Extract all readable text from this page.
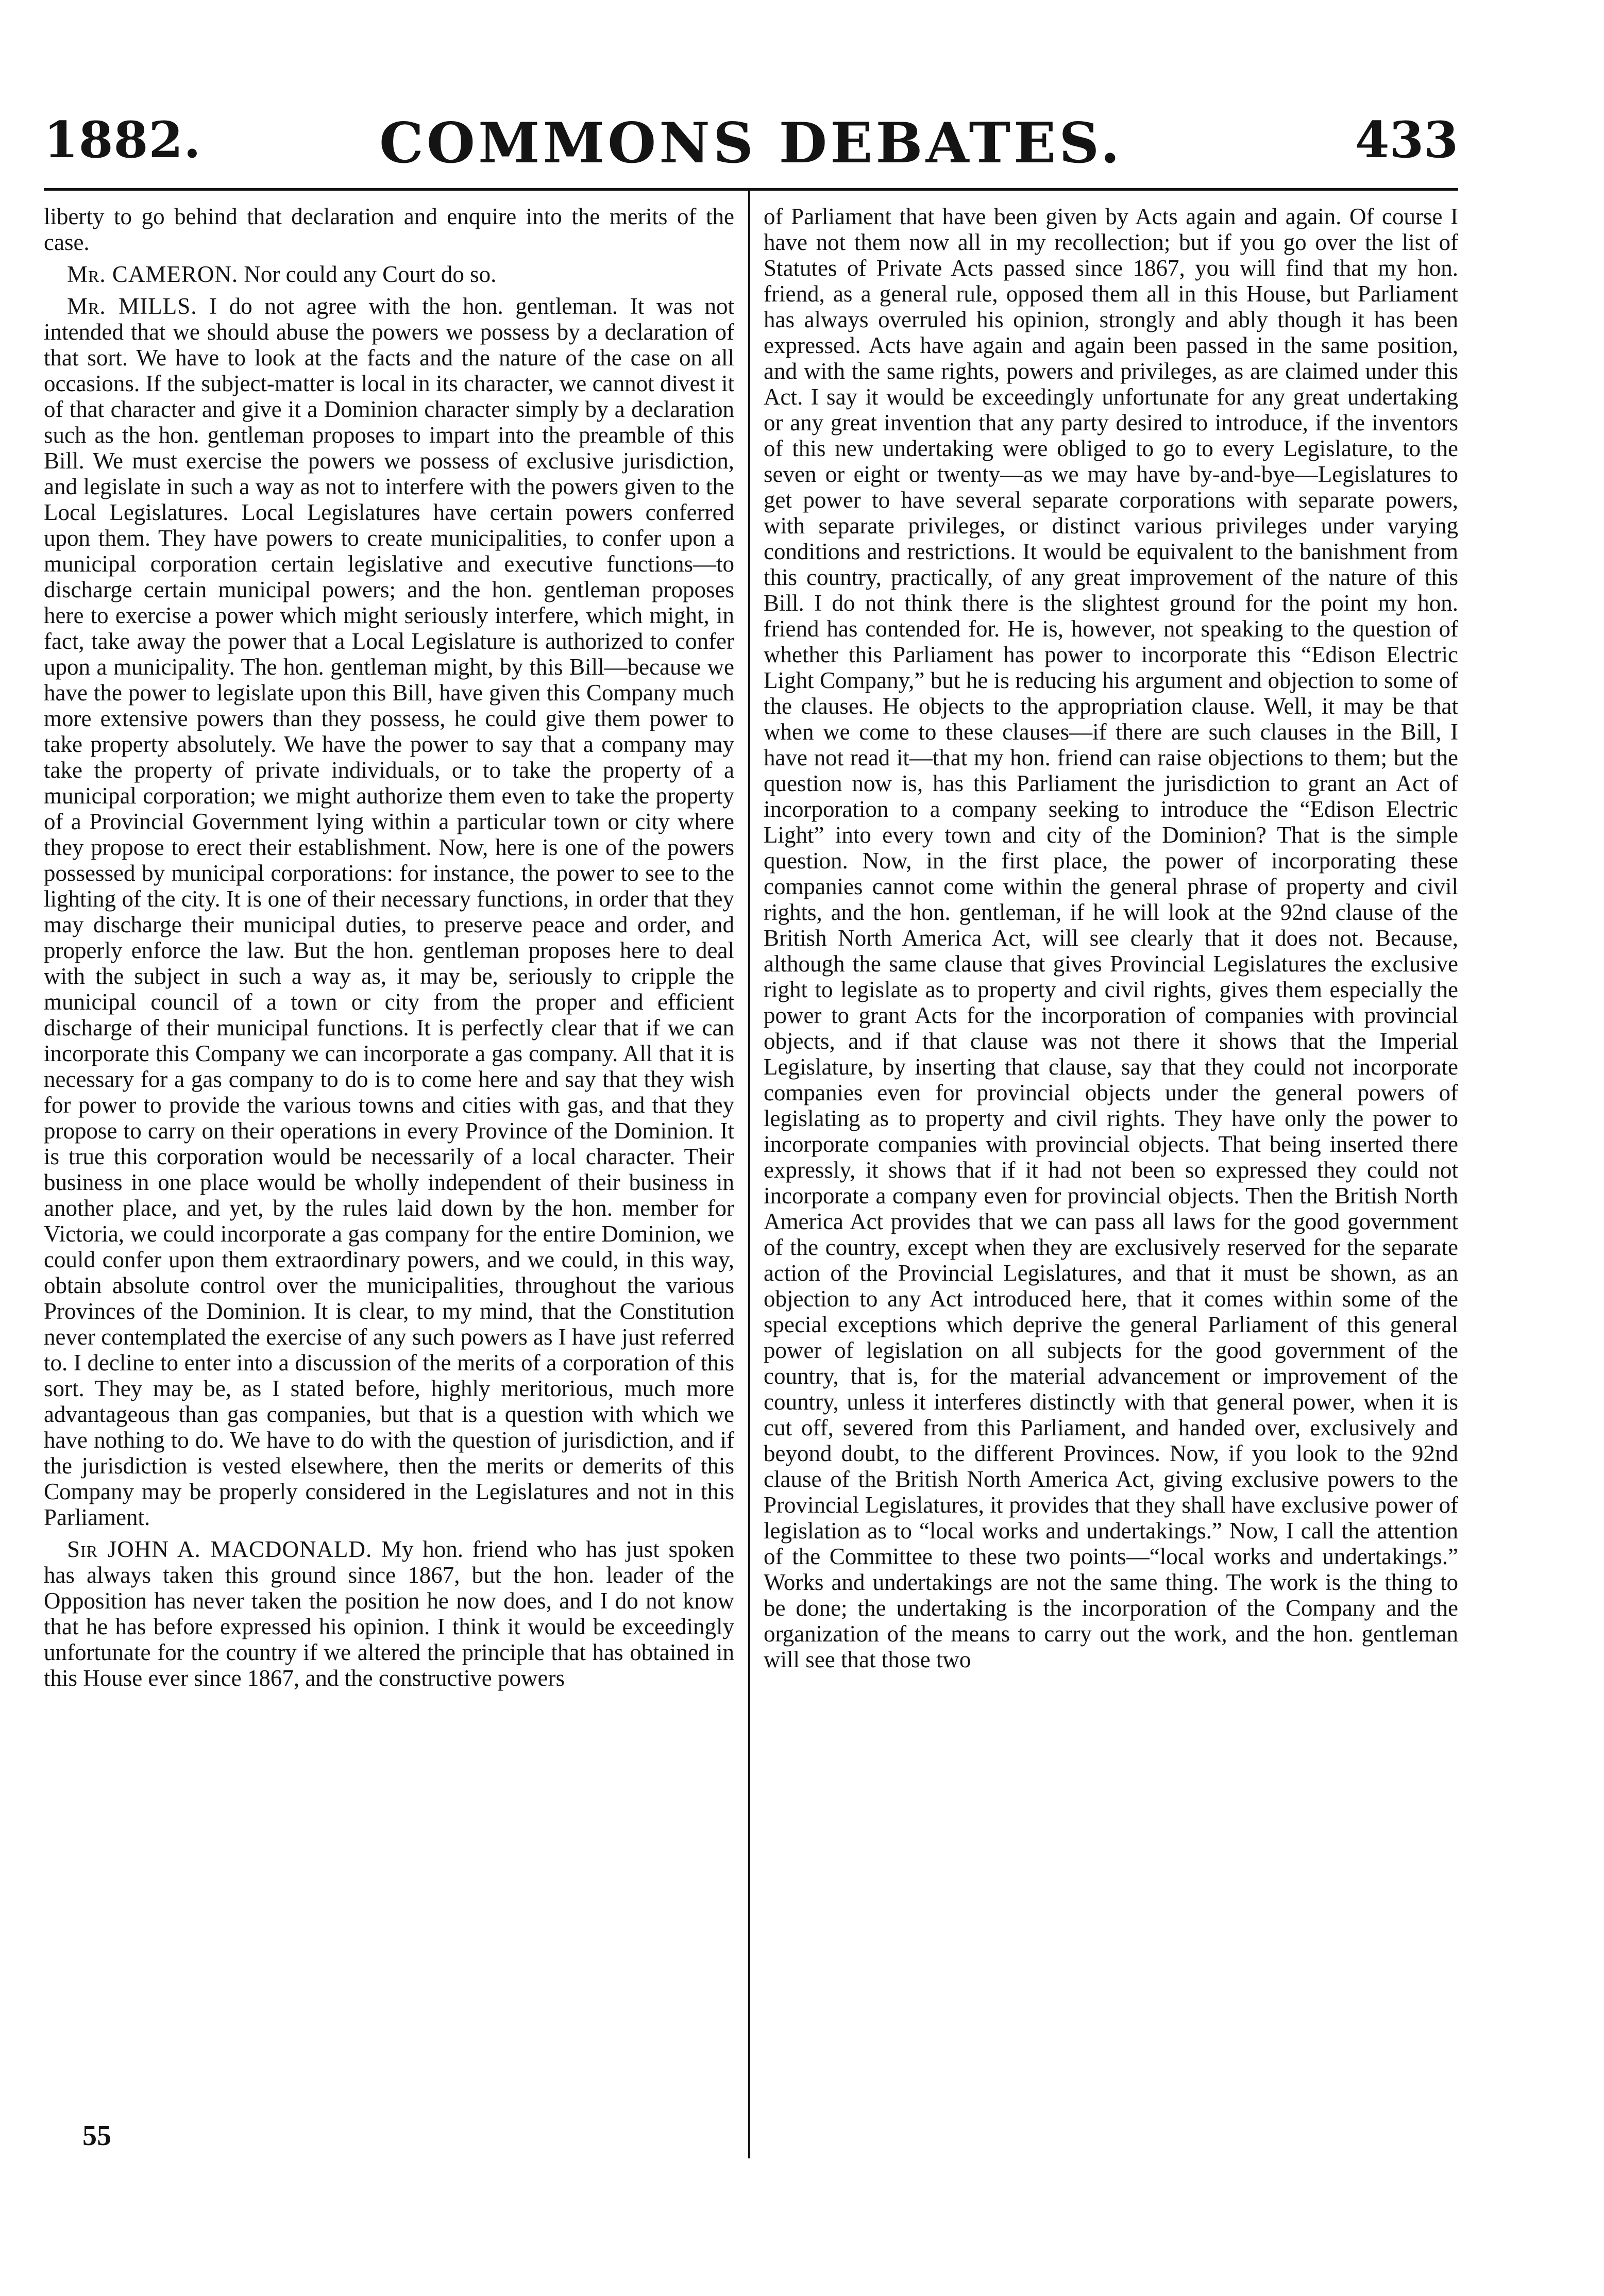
1882.	COMMONS DEBATES.	433

liberty to go behind that declaration and enquire into the merits of the case.

Mr. CAMERON. Nor could any Court do so.

Mr. MILLS. I do not agree with the hon. gentleman. It was not intended that we should abuse the powers we possess by a declaration of that sort. We have to look at the facts and the nature of the case on all occasions. If the subject-matter is local in its character, we cannot divest it of that character and give it a Dominion character simply by a declaration such as the hon. gentleman proposes to impart into the preamble of this Bill. We must exercise the powers we possess of exclusive jurisdiction, and legislate in such a way as not to interfere with the powers given to the Local Legislatures. Local Legislatures have certain powers conferred upon them. They have powers to create municipalities, to confer upon a municipal corporation certain legislative and executive functions—to discharge certain municipal powers; and the hon. gentleman proposes here to exercise a power which might seriously interfere, which might, in fact, take away the power that a Local Legislature is authorized to confer upon a municipality. The hon. gentleman might, by this Bill—because we have the power to legislate upon this Bill, have given this Company much more extensive powers than they possess, he could give them power to take property absolutely. We have the power to say that a company may take the property of private individuals, or to take the property of a municipal corporation; we might authorize them even to take the property of a Provincial Government lying within a particular town or city where they propose to erect their establishment. Now, here is one of the powers possessed by municipal corporations: for instance, the power to see to the lighting of the city. It is one of their necessary functions, in order that they may discharge their municipal duties, to preserve peace and order, and properly enforce the law. But the hon. gentleman proposes here to deal with the subject in such a way as, it may be, seriously to cripple the municipal council of a town or city from the proper and efficient discharge of their municipal functions. It is perfectly clear that if we can incorporate this Company we can incorporate a gas company. All that it is necessary for a gas company to do is to come here and say that they wish for power to provide the various towns and cities with gas, and that they propose to carry on their operations in every Province of the Dominion. It is true this corporation would be necessarily of a local character. Their business in one place would be wholly independent of their business in another place, and yet, by the rules laid down by the hon. member for Victoria, we could incorporate a gas company for the entire Dominion, we could confer upon them extraordinary powers, and we could, in this way, obtain absolute control over the municipalities, throughout the various Provinces of the Dominion. It is clear, to my mind, that the Constitution never contemplated the exercise of any such powers as I have just referred to. I decline to enter into a discussion of the merits of a corporation of this sort. They may be, as I stated before, highly meritorious, much more advantageous than gas companies, but that is a question with which we have nothing to do. We have to do with the question of jurisdiction, and if the jurisdiction is vested elsewhere, then the merits or demerits of this Company may be properly considered in the Legislatures and not in this Parliament.

Sir JOHN A. MACDONALD. My hon. friend who has just spoken has always taken this ground since 1867, but the hon. leader of the Opposition has never taken the position he now does, and I do not know that he has before expressed his opinion. I think it would be exceedingly unfortunate for the country if we altered the principle that has obtained in this House ever since 1867, and the constructive powers

of Parliament that have been given by Acts again and again. Of course I have not them now all in my recollection; but if you go over the list of Statutes of Private Acts passed since 1867, you will find that my hon. friend, as a general rule, opposed them all in this House, but Parliament has always overruled his opinion, strongly and ably though it has been expressed. Acts have again and again been passed in the same position, and with the same rights, powers and privileges, as are claimed under this Act. I say it would be exceedingly unfortunate for any great undertaking or any great invention that any party desired to introduce, if the inventors of this new undertaking were obliged to go to every Legislature, to the seven or eight or twenty—as we may have by-and-bye—Legislatures to get power to have several separate corporations with separate powers, with separate privileges, or distinct various privileges under varying conditions and restrictions. It would be equivalent to the banishment from this country, practically, of any great improvement of the nature of this Bill. I do not think there is the slightest ground for the point my hon. friend has contended for. He is, however, not speaking to the question of whether this Parliament has power to incorporate this “Edison Electric Light Company,” but he is reducing his argument and objection to some of the clauses. He objects to the appropriation clause. Well, it may be that when we come to these clauses—if there are such clauses in the Bill, I have not read it—that my hon. friend can raise objections to them; but the question now is, has this Parliament the jurisdiction to grant an Act of incorporation to a company seeking to introduce the “Edison Electric Light” into every town and city of the Dominion? That is the simple question. Now, in the first place, the power of incorporating these companies cannot come within the general phrase of property and civil rights, and the hon. gentleman, if he will look at the 92nd clause of the British North America Act, will see clearly that it does not. Because, although the same clause that gives Provincial Legislatures the exclusive right to legislate as to property and civil rights, gives them especially the power to grant Acts for the incorporation of companies with provincial objects, and if that clause was not there it shows that the Imperial Legislature, by inserting that clause, say that they could not incorporate companies even for provincial objects under the general powers of legislating as to property and civil rights. They have only the power to incorporate companies with provincial objects. That being inserted there expressly, it shows that if it had not been so expressed they could not incorporate a company even for provincial objects. Then the British North America Act provides that we can pass all laws for the good government of the country, except when they are exclusively reserved for the separate action of the Provincial Legislatures, and that it must be shown, as an objection to any Act introduced here, that it comes within some of the special exceptions which deprive the general Parliament of this general power of legislation on all subjects for the good government of the country, that is, for the material advancement or improvement of the country, unless it interferes distinctly with that general power, when it is cut off, severed from this Parliament, and handed over, exclusively and beyond doubt, to the different Provinces. Now, if you look to the 92nd clause of the British North America Act, giving exclusive powers to the Provincial Legislatures, it provides that they shall have exclusive power of legislation as to “local works and undertakings.” Now, I call the attention of the Committee to these two points—“local works and undertakings.” Works and undertakings are not the same thing. The work is the thing to be done; the undertaking is the incorporation of the Company and the organization of the means to carry out the work, and the hon. gentleman will see that those two

55
